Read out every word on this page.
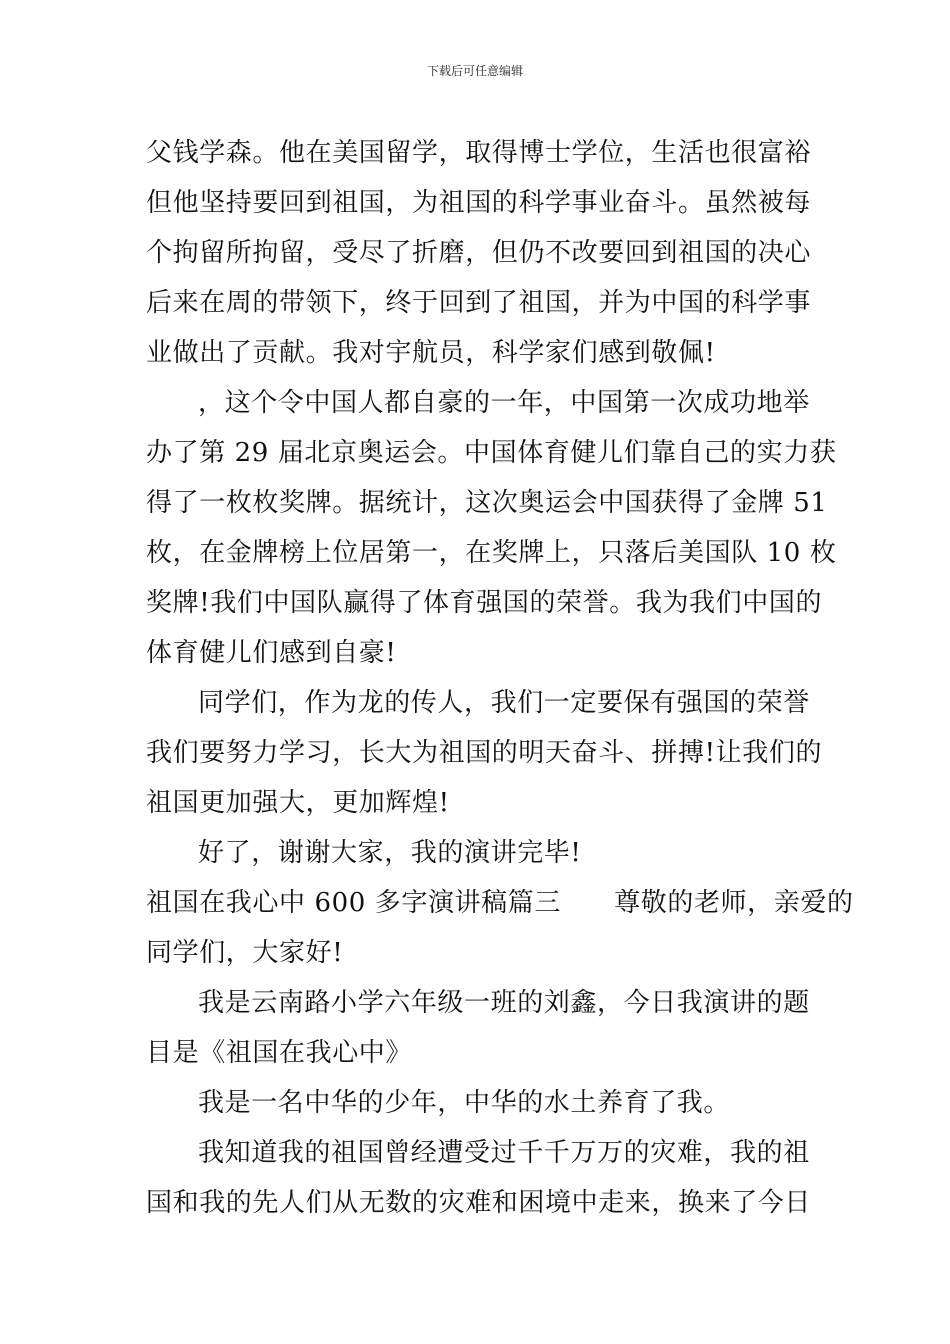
下载后可任意编辑
父钱学森。他在美国留学，取得博士学位，生活也很富裕
但他坚持要回到祖国，为祖国的科学事业奋斗。虽然被每
个拘留所拘留，受尽了折磨，但仍不改要回到祖国的决心
后来在周的带领下，终于回到了祖国，并为中国的科学事
业做出了贡献。我对宇航员，科学家们感到敬佩!
，这个令中国人都自豪的一年，中国第一次成功地举
办了第 29 届北京奥运会。中国体育健儿们靠自己的实力获
得了一枚枚奖牌。据统计，这次奥运会中国获得了金牌 51
枚，在金牌榜上位居第一，在奖牌上，只落后美国队 10 枚
奖牌!我们中国队赢得了体育强国的荣誉。我为我们中国的
体育健儿们感到自豪!
同学们，作为龙的传人，我们一定要保有强国的荣誉
我们要努力学习，长大为祖国的明天奋斗、拼搏!让我们的
祖国更加强大，更加辉煌!
好了，谢谢大家，我的演讲完毕!
祖国在我心中 600 多字演讲稿篇三　　尊敬的老师，亲爱的
同学们，大家好!
我是云南路小学六年级一班的刘鑫，今日我演讲的题
目是《祖国在我心中》
我是一名中华的少年，中华的水土养育了我。
我知道我的祖国曾经遭受过千千万万的灾难，我的祖
国和我的先人们从无数的灾难和困境中走来，换来了今日
